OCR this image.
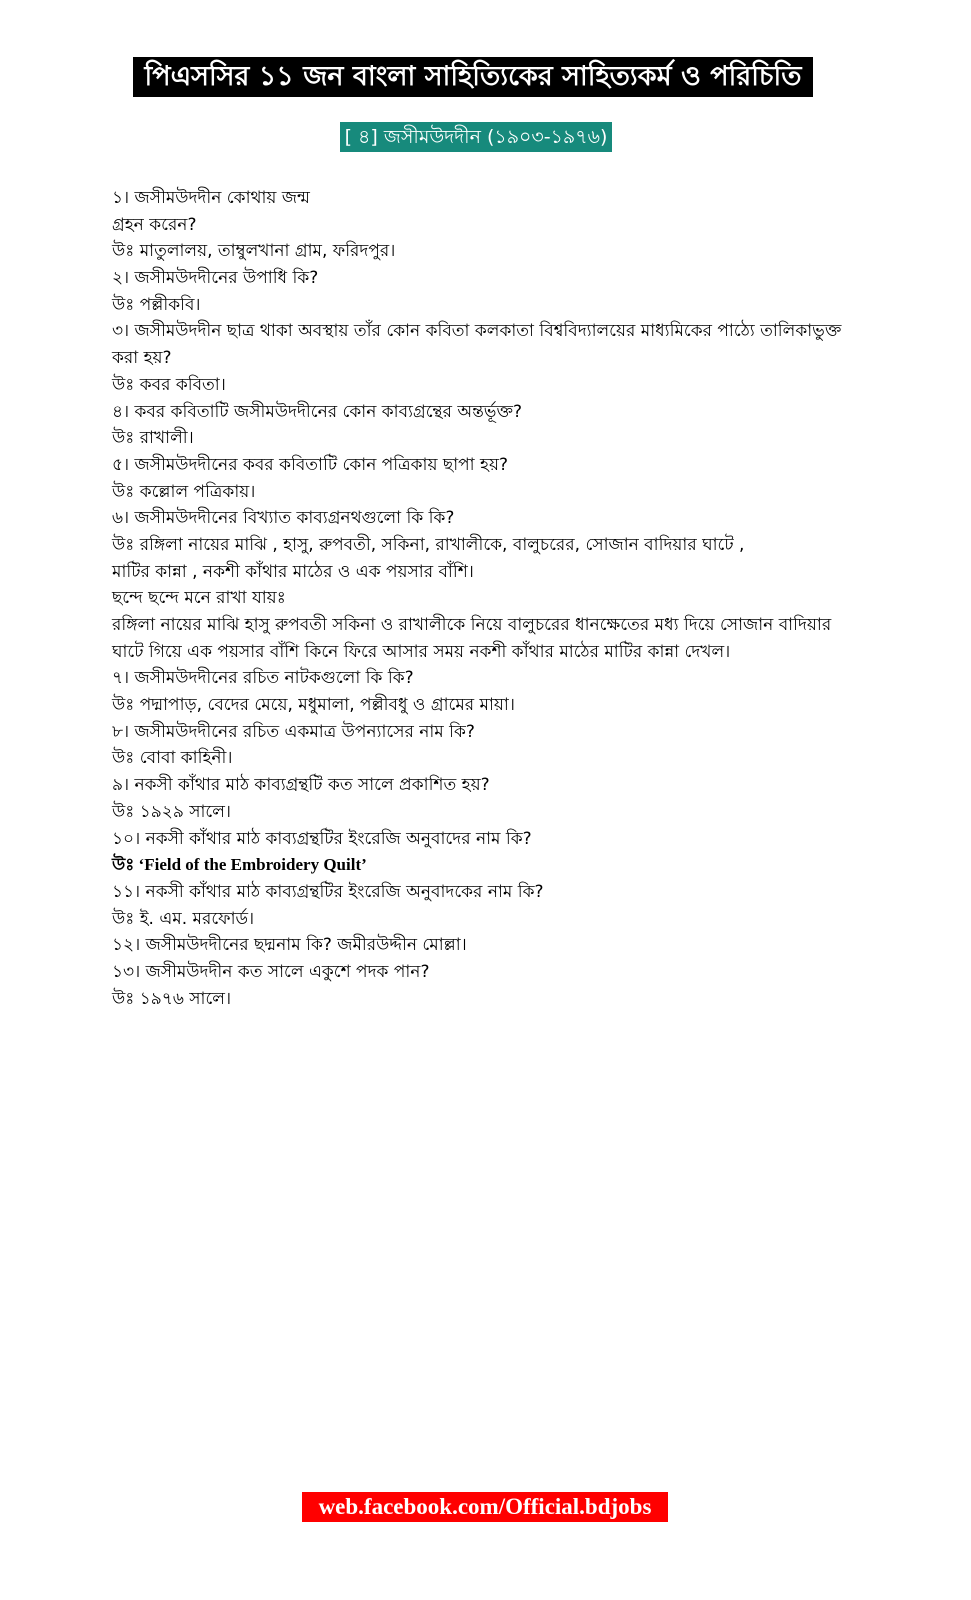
পিএসসির ১১ জন বাংলা সাহিত্যিকের সাহিত্যকর্ম ও পরিচিতি
[ ৪] জসীমউদদীন (১৯০৩-১৯৭৬)
১। জসীমউদদীন কোথায় জন্ম
গ্রহন করেন?
উঃ মাতুলালয়, তাম্বুলখানা গ্রাম, ফরিদপুর।
২। জসীমউদদীনের উপাধি কি?
উঃ পল্লীকবি।
৩। জসীমউদদীন ছাত্র থাকা অবস্থায় তাঁর কোন কবিতা কলকাতা বিশ্ববিদ্যালয়ের মাধ্যমিকের পাঠ্যে তালিকাভুক্ত
করা হয়?
উঃ কবর কবিতা।
৪। কবর কবিতাটি জসীমউদদীনের কোন কাব্যগ্রন্থের অন্তর্ভূক্ত?
উঃ রাখালী।
৫। জসীমউদদীনের কবর কবিতাটি কোন পত্রিকায় ছাপা হয়?
উঃ কল্লোল পত্রিকায়।
৬। জসীমউদদীনের বিখ্যাত কাব্যগ্রনথগুলো কি কি?
উঃ রঙ্গিলা নায়ের মাঝি , হাসু, রুপবতী, সকিনা, রাখালীকে, বালুচরের, সোজান বাদিয়ার ঘাটে ,
মাটির কান্না , নকশী কাঁথার মাঠের ও এক পয়সার বাঁশি।
ছন্দে ছন্দে মনে রাখা যায়ঃ
রঙ্গিলা নায়ের মাঝি হাসু রুপবতী সকিনা ও রাখালীকে নিয়ে বালুচরের ধানক্ষেতের মধ্য দিয়ে সোজান বাদিয়ার
ঘাটে গিয়ে এক পয়সার বাঁশি কিনে ফিরে আসার সময় নকশী কাঁথার মাঠের মাটির কান্না দেখল।
৭। জসীমউদদীনের রচিত নাটকগুলো কি কি?
উঃ পদ্মাপাড়, বেদের মেয়ে, মধুমালা, পল্লীবধু ও গ্রামের মায়া।
৮। জসীমউদদীনের রচিত একমাত্র উপন্যাসের নাম কি?
উঃ বোবা কাহিনী।
৯। নকসী কাঁথার মাঠ কাব্যগ্রন্থটি কত সালে প্রকাশিত হয়?
উঃ ১৯২৯ সালে।
১০। নকসী কাঁথার মাঠ কাব্যগ্রন্থটির ইংরেজি অনুবাদের নাম কি?
উঃ ‘Field of the Embroidery Quilt’
১১। নকসী কাঁথার মাঠ কাব্যগ্রন্থটির ইংরেজি অনুবাদকের নাম কি?
উঃ ই. এম. মরফোর্ড।
১২। জসীমউদদীনের ছদ্মনাম কি? জমীরউদ্দীন মোল্লা।
১৩। জসীমউদদীন কত সালে একুশে পদক পান?
উঃ ১৯৭৬ সালে।
web.facebook.com/Official.bdjobs
